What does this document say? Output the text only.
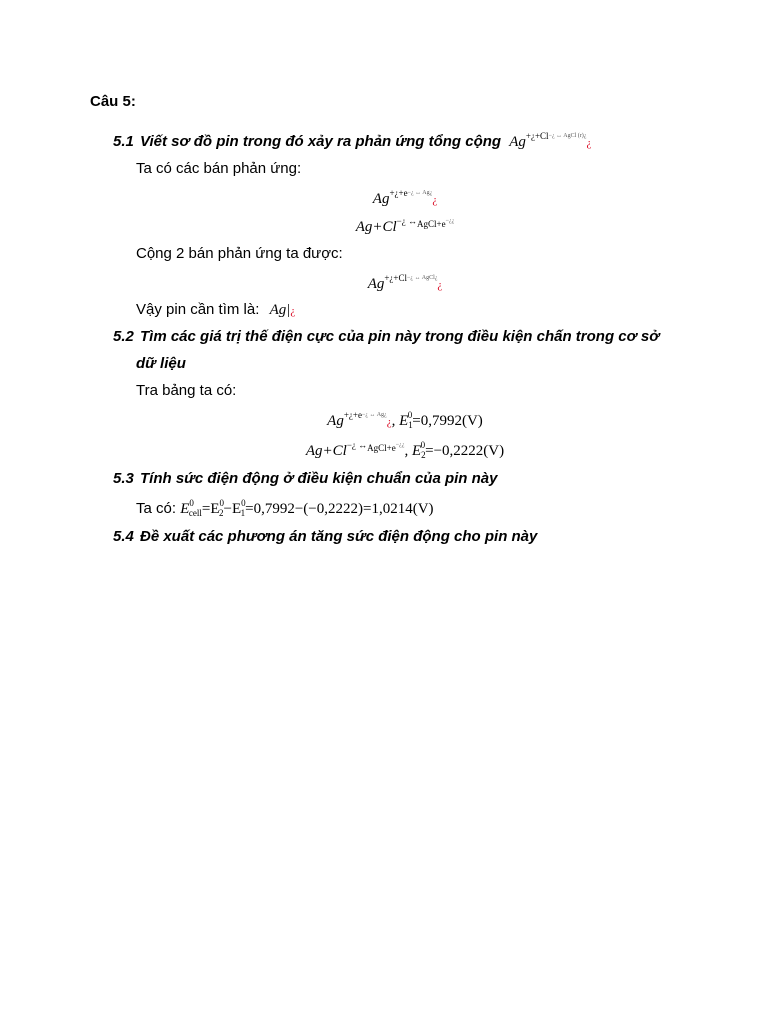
Câu 5:
5.1 Viết sơ đồ pin trong đó xảy ra phản ứng tổng cộng $Ag^{+¿+Cl-¿ \leftrightarrow AgCl (r)¿}¿$
Ta có các bán phản ứng:
$Ag^{+¿+e-¿ \leftrightarrow Ag¿}¿$
$Ag+Cl^{-¿ \leftrightarrow AgCl+e-¿¿}$
Cộng 2 bán phản ứng ta được:
$Ag^{+¿+Cl-¿ \leftrightarrow AgCl¿}¿$
Vậy pin cần tìm là: Ag|¿
5.2 Tìm các giá trị thế điện cực của pin này trong điều kiện chấn trong cơ sở
dữ liệu
Tra bảng ta có:
$Ag^{+¿+e-¿ \leftrightarrow Ag¿}¿$, $E_1^0=0,7992(V)$
$Ag+Cl^{-¿ \leftrightarrow AgCl+e-¿¿}$, $E_2^0=-0,2222(V)$
5.3 Tính sức điện động ở điều kiện chuẩn của pin này
Ta có: $E^0_{cell}=E^0_2-E^0_1=0,7992-(-0,2222)=1,0214(V)$
5.4 Đề xuất các phương án tăng sức điện động cho pin này
